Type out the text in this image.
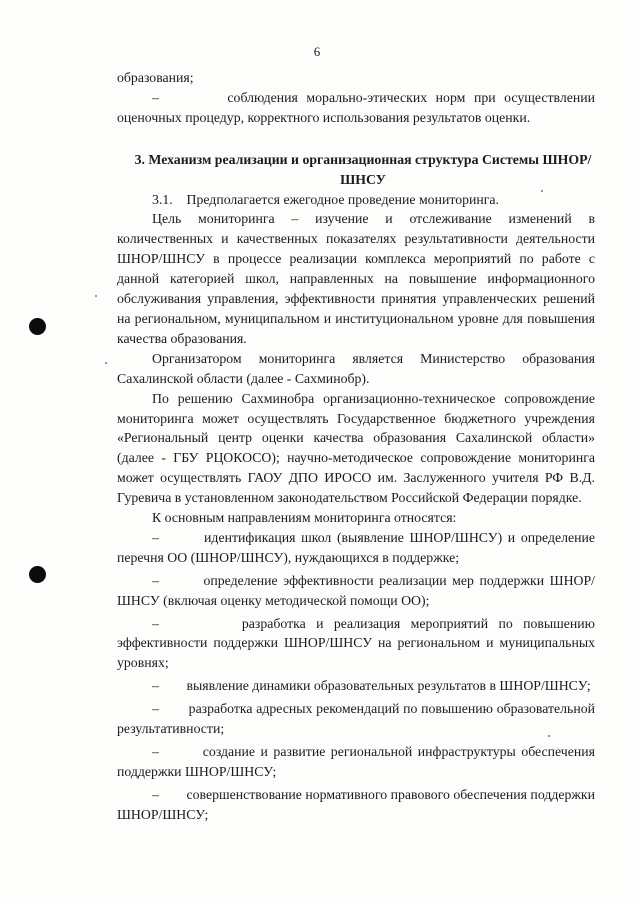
6

образования;

–        соблюдения морально-этических норм при осуществлении оценочных процедур, корректного использования результатов оценки.

3. Механизм реализации и организационная структура Системы ШНОР/ШНСУ

3.1.    Предполагается ежегодное проведение мониторинга.

Цель мониторинга – изучение и отслеживание изменений в количественных и качественных показателях результативности деятельности ШНОР/ШНСУ в процессе реализации комплекса мероприятий по работе с данной категорией школ, направленных на повышение информационного обслуживания управления, эффективности принятия управленческих решений на региональном, муниципальном и институциональном уровне для повышения качества образования.

Организатором мониторинга является Министерство образования Сахалинской области (далее - Сахминобр).

По решению Сахминобра организационно-техническое сопровождение мониторинга может осуществлять Государственное бюджетного учреждения «Региональный центр оценки качества образования Сахалинской области» (далее - ГБУ РЦОКОСО); научно-методическое сопровождение мониторинга может осуществлять ГАОУ ДПО ИРОСО им. Заслуженного учителя РФ В.Д. Гуревича в установленном законодательством Российской Федерации порядке.

К основным направлениям мониторинга относятся:

–        идентификация школ (выявление ШНОР/ШНСУ) и определение перечня ОО (ШНОР/ШНСУ), нуждающихся в поддержке;

–        определение эффективности реализации мер поддержки ШНОР/ШНСУ (включая оценку методической помощи ОО);

–        разработка и реализация мероприятий по повышению эффективности поддержки ШНОР/ШНСУ на региональном и муниципальных уровнях;

–        выявление динамики образовательных результатов в ШНОР/ШНСУ;

–        разработка адресных рекомендаций по повышению образовательной результативности;

–        создание и развитие региональной инфраструктуры обеспечения поддержки ШНОР/ШНСУ;

–        совершенствование нормативного правового обеспечения поддержки ШНОР/ШНСУ;
